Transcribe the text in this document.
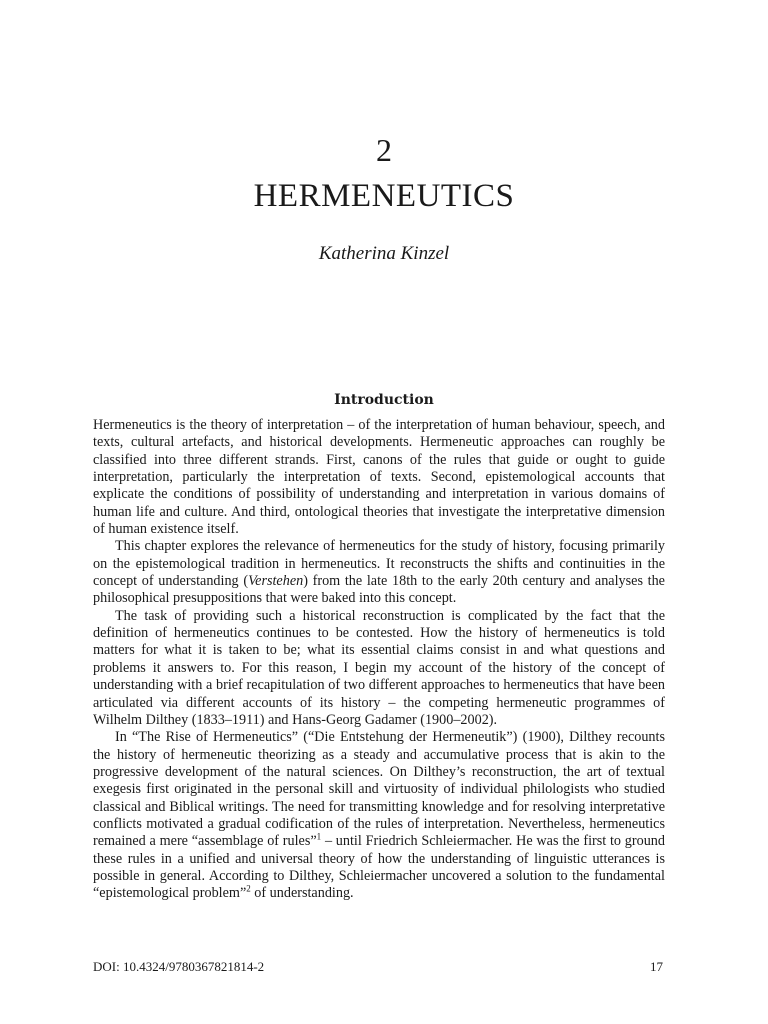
2
HERMENEUTICS
Katherina Kinzel
Introduction

Hermeneutics is the theory of interpretation – of the interpretation of human behaviour, speech, and texts, cultural artefacts, and historical developments. Hermeneutic approaches can roughly be classified into three different strands. First, canons of the rules that guide or ought to guide interpretation, particularly the interpretation of texts. Second, epistemological accounts that explicate the conditions of possibility of understanding and interpretation in various domains of human life and culture. And third, ontological theories that investigate the interpretative dimension of human existence itself.

This chapter explores the relevance of hermeneutics for the study of history, focusing primarily on the epistemological tradition in hermeneutics. It reconstructs the shifts and continuities in the concept of understanding (Verstehen) from the late 18th to the early 20th century and analyses the philosophical presuppositions that were baked into this concept.

The task of providing such a historical reconstruction is complicated by the fact that the definition of hermeneutics continues to be contested. How the history of hermeneutics is told matters for what it is taken to be; what its essential claims consist in and what questions and problems it answers to. For this reason, I begin my account of the history of the concept of understanding with a brief recapitulation of two different approaches to hermeneutics that have been articulated via different accounts of its history – the competing hermeneutic programmes of Wilhelm Dilthey (1833–1911) and Hans-Georg Gadamer (1900–2002).

In “The Rise of Hermeneutics” (“Die Entstehung der Hermeneutik”) (1900), Dilthey recounts the history of hermeneutic theorizing as a steady and accumulative process that is akin to the progressive development of the natural sciences. On Dilthey’s reconstruction, the art of textual exegesis first originated in the personal skill and virtuosity of individual philologists who studied classical and Biblical writings. The need for transmitting knowledge and for resolving interpretative conflicts motivated a gradual codification of the rules of interpretation. Nevertheless, hermeneutics remained a mere “assemblage of rules”$^1$ – until Friedrich Schleiermacher. He was the first to ground these rules in a unified and universal theory of how the understanding of linguistic utterances is possible in general. According to Dilthey, Schleiermacher uncovered a solution to the fundamental “epistemological problem”$^2$ of understanding.

DOI: 10.4324/9780367821814-2	17
